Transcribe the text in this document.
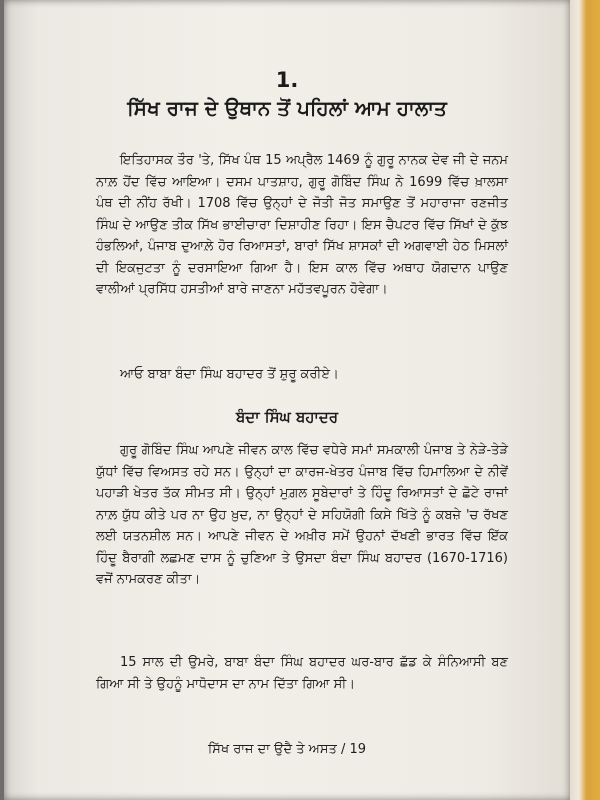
1.
ਸਿੱਖ ਰਾਜ ਦੇ ਉਥਾਨ ਤੋਂ ਪਹਿਲਾਂ ਆਮ ਹਾਲਾਤ
ਇਤਿਹਾਸਕ ਤੌਰ 'ਤੇ, ਸਿੱਖ ਪੰਥ 15 ਅਪ੍ਰੈਲ 1469 ਨੂੰ ਗੁਰੂ ਨਾਨਕ ਦੇਵ ਜੀ ਦੇ ਜਨਮ ਨਾਲ਼ ਹੋਂਦ ਵਿੱਚ ਆਇਆ। ਦਸਮ ਪਾਤਸ਼ਾਹ, ਗੁਰੂ ਗੋਬਿੰਦ ਸਿੰਘ ਨੇ 1699 ਵਿੱਚ ਖ਼ਾਲਸਾ ਪੰਥ ਦੀ ਨੀਂਹ ਰੱਖੀ। 1708 ਵਿੱਚ ਉਨ੍ਹਾਂ ਦੇ ਜੋਤੀ ਜੋਤ ਸਮਾਉਣ ਤੋਂ ਮਹਾਰਾਜਾ ਰਣਜੀਤ ਸਿੰਘ ਦੇ ਆਉਣ ਤੀਕ ਸਿੱਖ ਭਾਈਚਾਰਾ ਦਿਸ਼ਾਹੀਣ ਰਿਹਾ। ਇਸ ਚੈਪਟਰ ਵਿੱਚ ਸਿੱਖਾਂ ਦੇ ਕੁੱਝ ਹੰਭਲਿਆਂ, ਪੰਜਾਬ ਦੁਆਲ਼ੇ ਹੋਰ ਰਿਆਸਤਾਂ, ਬਾਰਾਂ ਸਿੱਖ ਸ਼ਾਸਕਾਂ ਦੀ ਅਗਵਾਈ ਹੇਠ ਮਿਸਲਾਂ ਦੀ ਇਕਜੁਟਤਾ ਨੂੰ ਦਰਸਾਇਆ ਗਿਆ ਹੈ। ਇਸ ਕਾਲ ਵਿੱਚ ਅਥਾਹ ਯੋਗਦਾਨ ਪਾਉਣ ਵਾਲੀਆਂ ਪ੍ਰਸਿੱਧ ਹਸਤੀਆਂ ਬਾਰੇ ਜਾਣਨਾ ਮਹੱਤਵਪੂਰਨ ਹੋਵੇਗਾ।
ਆਓ ਬਾਬਾ ਬੰਦਾ ਸਿੰਘ ਬਹਾਦਰ ਤੋਂ ਸ਼ੁਰੂ ਕਰੀਏ।
ਬੰਦਾ ਸਿੰਘ ਬਹਾਦਰ
ਗੁਰੂ ਗੋਬਿੰਦ ਸਿੰਘ ਆਪਣੇ ਜੀਵਨ ਕਾਲ ਵਿੱਚ ਵਧੇਰੇ ਸਮਾਂ ਸਮਕਾਲੀ ਪੰਜਾਬ ਤੇ ਨੇੜੇ-ਤੇੜੇ ਯੁੱਧਾਂ ਵਿੱਚ ਵਿਅਸਤ ਰਹੇ ਸਨ। ਉਨ੍ਹਾਂ ਦਾ ਕਾਰਜ-ਖੇਤਰ ਪੰਜਾਬ ਵਿੱਚ ਹਿਮਾਲਿਆ ਦੇ ਨੀਵੇਂ ਪਹਾੜੀ ਖੇਤਰ ਤੱਕ ਸੀਮਤ ਸੀ। ਉਨ੍ਹਾਂ ਮੁਗ਼ਲ ਸੂਬੇਦਾਰਾਂ ਤੇ ਹਿੰਦੂ ਰਿਆਸਤਾਂ ਦੇ ਛੋਟੇ ਰਾਜਾਂ ਨਾਲ਼ ਯੁੱਧ ਕੀਤੇ ਪਰ ਨਾ ਉਹ ਖ਼ੁਦ, ਨਾ ਉਨ੍ਹਾਂ ਦੇ ਸਹਿਯੋਗੀ ਕਿਸੇ ਖਿੱਤੇ ਨੂੰ ਕਬਜ਼ੇ 'ਚ ਰੱਖਣ ਲਈ ਯਤਨਸ਼ੀਲ ਸਨ। ਆਪਣੇ ਜੀਵਨ ਦੇ ਅਖ਼ੀਰ ਸਮੇਂ ਉਹਨਾਂ ਦੱਖਣੀ ਭਾਰਤ ਵਿੱਚ ਇੱਕ ਹਿੰਦੂ ਬੈਰਾਗੀ ਲਛਮਣ ਦਾਸ ਨੂੰ ਚੁਣਿਆ ਤੇ ਉਸਦਾ ਬੰਦਾ ਸਿੰਘ ਬਹਾਦਰ (1670-1716) ਵਜੋਂ ਨਾਮਕਰਣ ਕੀਤਾ।
15 ਸਾਲ ਦੀ ਉਮਰੇ, ਬਾਬਾ ਬੰਦਾ ਸਿੰਘ ਬਹਾਦਰ ਘਰ-ਬਾਰ ਛੱਡ ਕੇ ਸੰਨਿਆਸੀ ਬਣ ਗਿਆ ਸੀ ਤੇ ਉਹਨੂੰ ਮਾਧੋਦਾਸ ਦਾ ਨਾਮ ਦਿੱਤਾ ਗਿਆ ਸੀ।
ਸਿੱਖ ਰਾਜ ਦਾ ਉਦੈ ਤੇ ਅਸਤ / 19
